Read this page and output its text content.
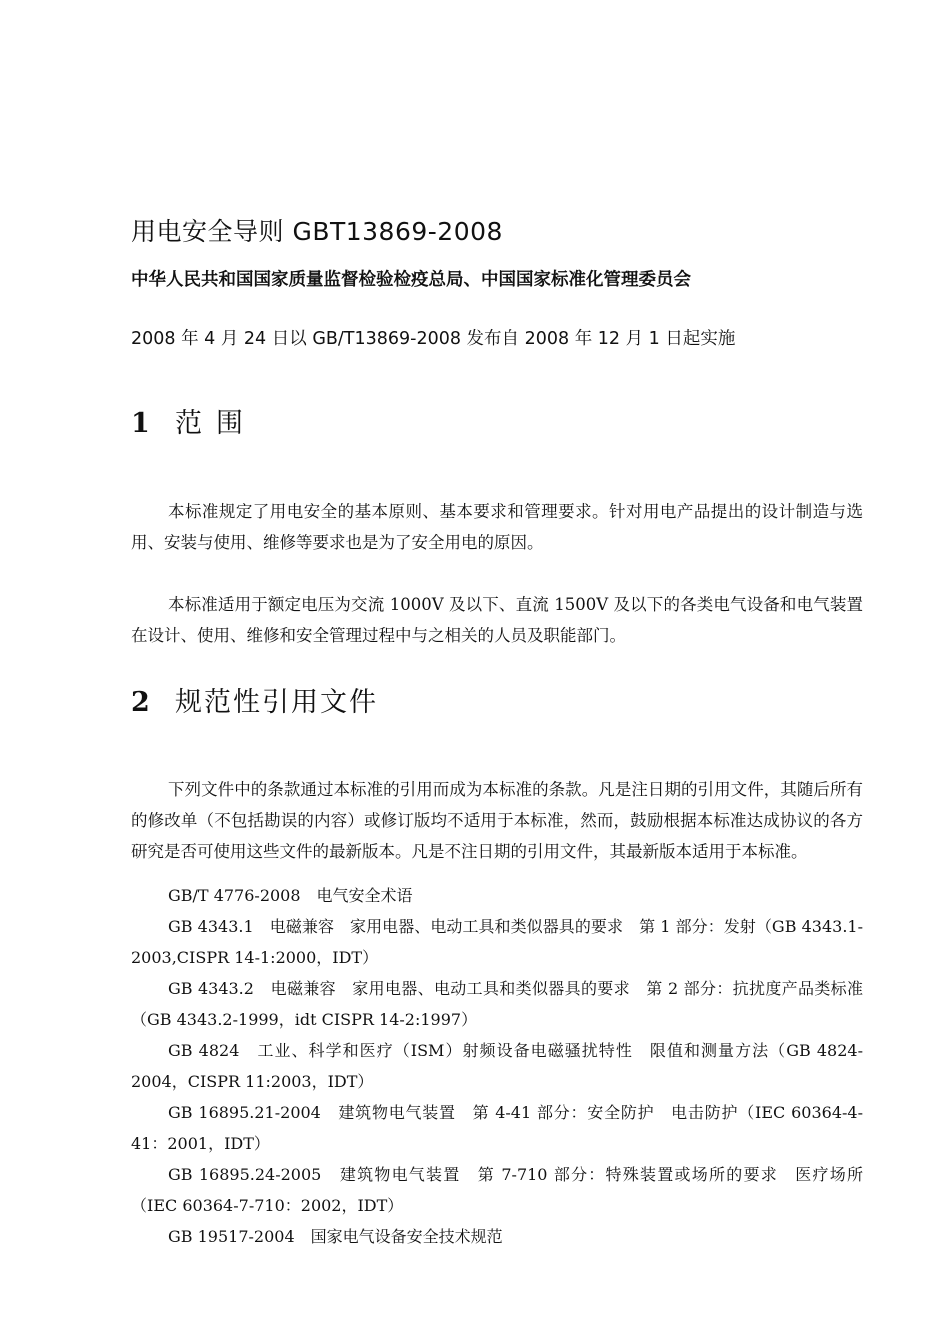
用电安全导则 GBT13869-2008
中华人民共和国国家质量监督检验检疫总局、中国国家标准化管理委员会
2008 年 4 月 24 日以 GB/T13869-2008 发布自 2008 年 12 月 1 日起实施
1 范围

本标准规定了用电安全的基本原则、基本要求和管理要求。针对用电产品提出的设计制造与选用、安装与使用、维修等要求也是为了安全用电的原因。

本标准适用于额定电压为交流 1000V 及以下、直流 1500V 及以下的各类电气设备和电气装置在设计、使用、维修和安全管理过程中与之相关的人员及职能部门。

2 规范性引用文件

下列文件中的条款通过本标准的引用而成为本标准的条款。凡是注日期的引用文件，其随后所有的修改单（不包括勘误的内容）或修订版均不适用于本标准，然而，鼓励根据本标准达成协议的各方研究是否可使用这些文件的最新版本。凡是不注日期的引用文件，其最新版本适用于本标准。

GB/T 4776-2008　电气安全术语
GB 4343.1　电磁兼容　家用电器、电动工具和类似器具的要求　第 1 部分：发射（GB 4343.1-2003,CISPR 14-1:2000，IDT）
GB 4343.2　电磁兼容　家用电器、电动工具和类似器具的要求　第 2 部分：抗扰度产品类标准（GB 4343.2-1999，idt CISPR 14-2:1997）
GB 4824　工业、科学和医疗（ISM）射频设备电磁骚扰特性　限值和测量方法（GB 4824-2004，CISPR 11:2003，IDT）
GB 16895.21-2004　建筑物电气装置　第 4-41 部分：安全防护　电击防护（IEC 60364-4-41：2001，IDT）
GB 16895.24-2005　建筑物电气装置　第 7-710 部分：特殊装置或场所的要求　医疗场所（IEC 60364-7-710：2002，IDT）
GB 19517-2004　国家电气设备安全技术规范
